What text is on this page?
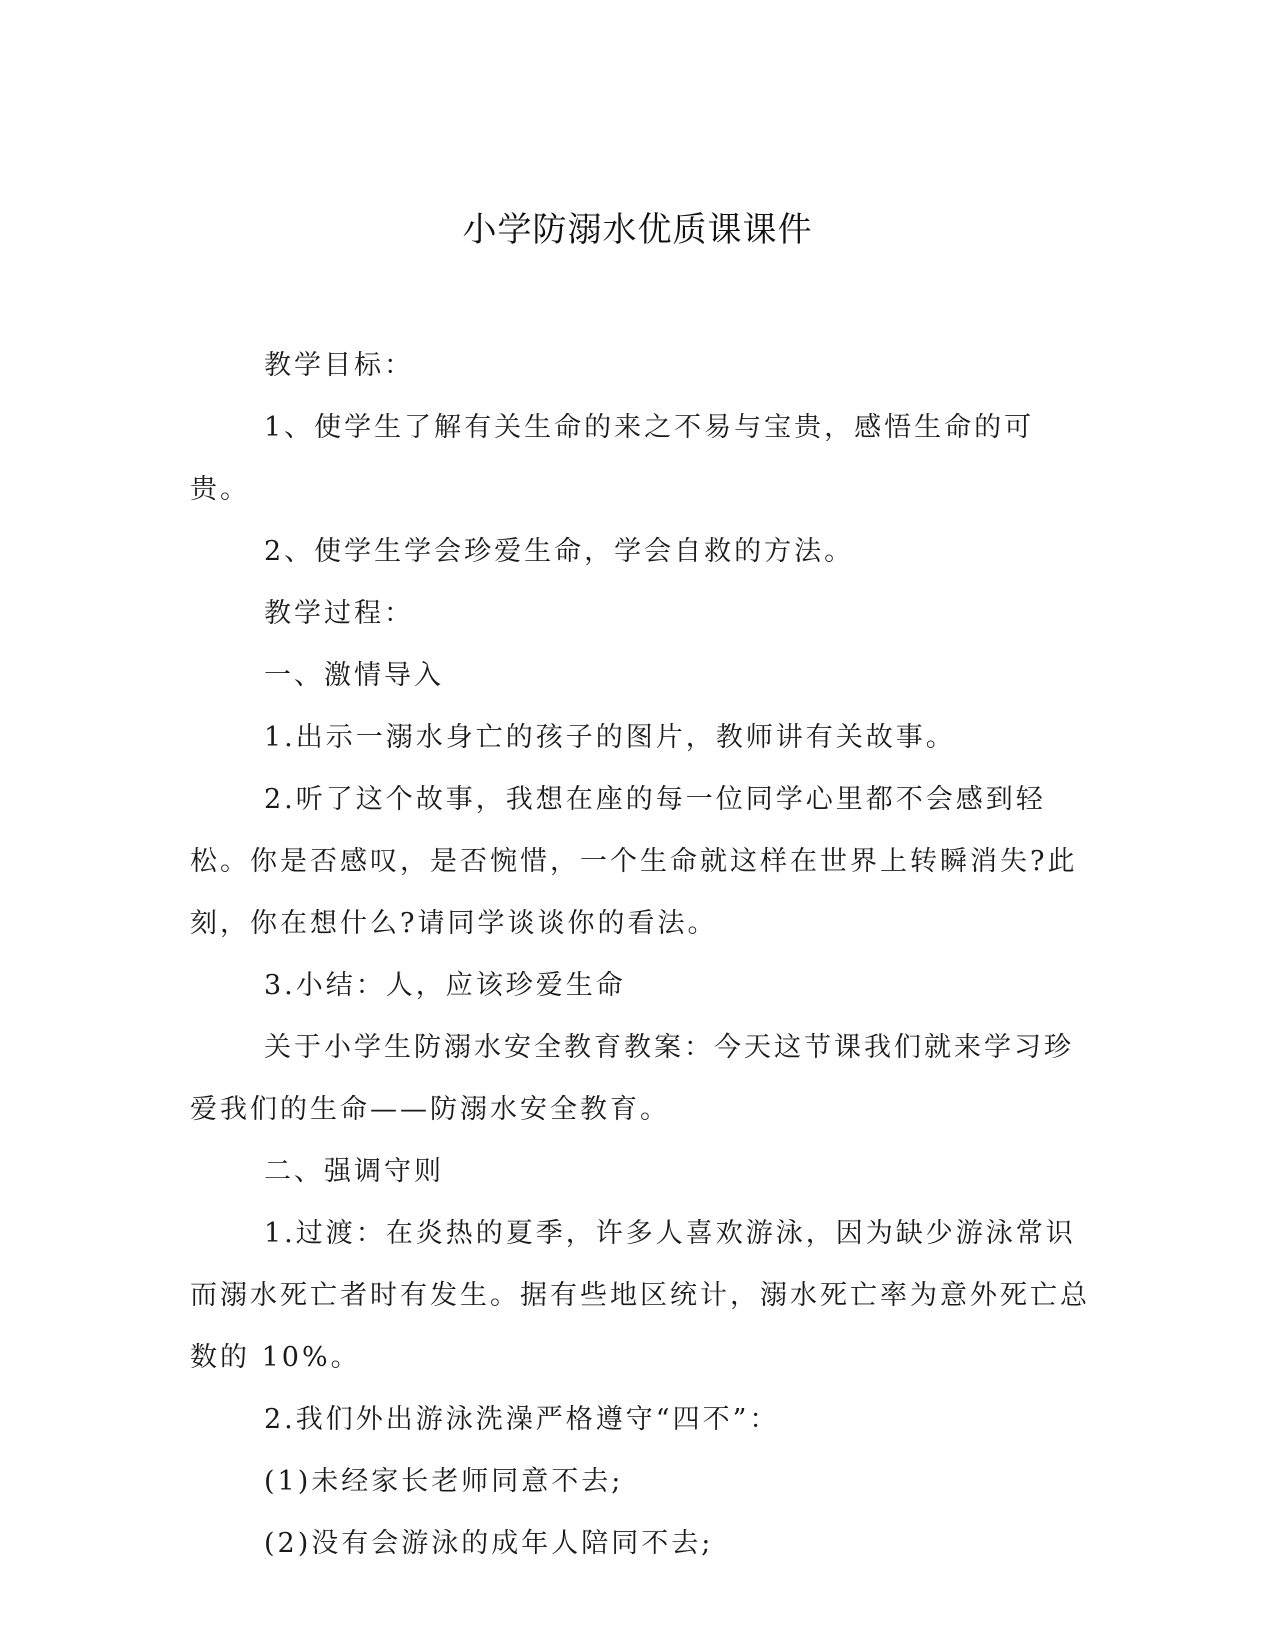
小学防溺水优质课课件

教学目标：

1、使学生了解有关生命的来之不易与宝贵，感悟生命的可贵。

2、使学生学会珍爱生命，学会自救的方法。

教学过程：

一、激情导入

1.出示一溺水身亡的孩子的图片，教师讲有关故事。

2.听了这个故事，我想在座的每一位同学心里都不会感到轻松。你是否感叹，是否惋惜，一个生命就这样在世界上转瞬消失?此刻，你在想什么?请同学谈谈你的看法。

3.小结：人，应该珍爱生命

关于小学生防溺水安全教育教案：今天这节课我们就来学习珍爱我们的生命——防溺水安全教育。

二、强调守则

1.过渡：在炎热的夏季，许多人喜欢游泳，因为缺少游泳常识而溺水死亡者时有发生。据有些地区统计，溺水死亡率为意外死亡总数的 10%。

2.我们外出游泳洗澡严格遵守“四不”：

(1)未经家长老师同意不去;

(2)没有会游泳的成年人陪同不去;
